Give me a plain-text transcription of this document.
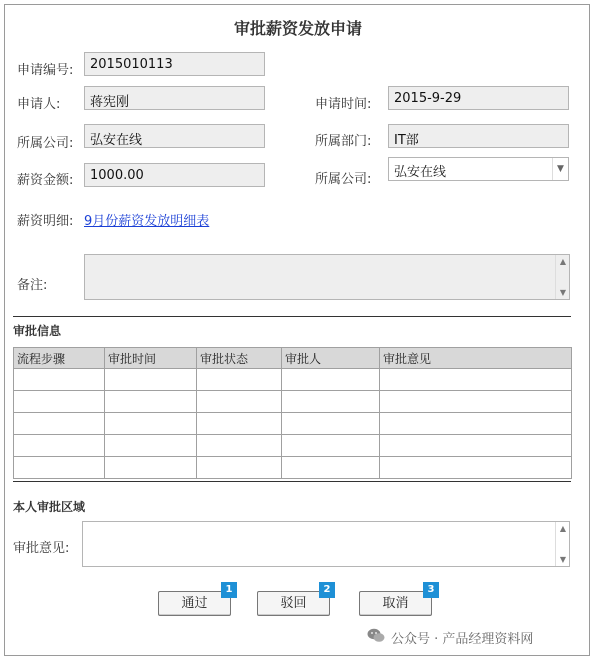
审批薪资发放申请
申请编号:	2015010113
申请人:	蒋宪刚	申请时间:	2015-9-29
所属公司:	弘安在线	所属部门:	IT部
薪资金额:	1000.00	所属公司:	弘安在线	▼
薪资明细: 9月份薪资发放明细表
备注:
▲
▼
审批信息
流程步骤	审批时间	审批状态	审批人	审批意见

本人审批区域
审批意见:
▲
▼
通过
1
驳回
2
取消
3
公众号 · 产品经理资料网
